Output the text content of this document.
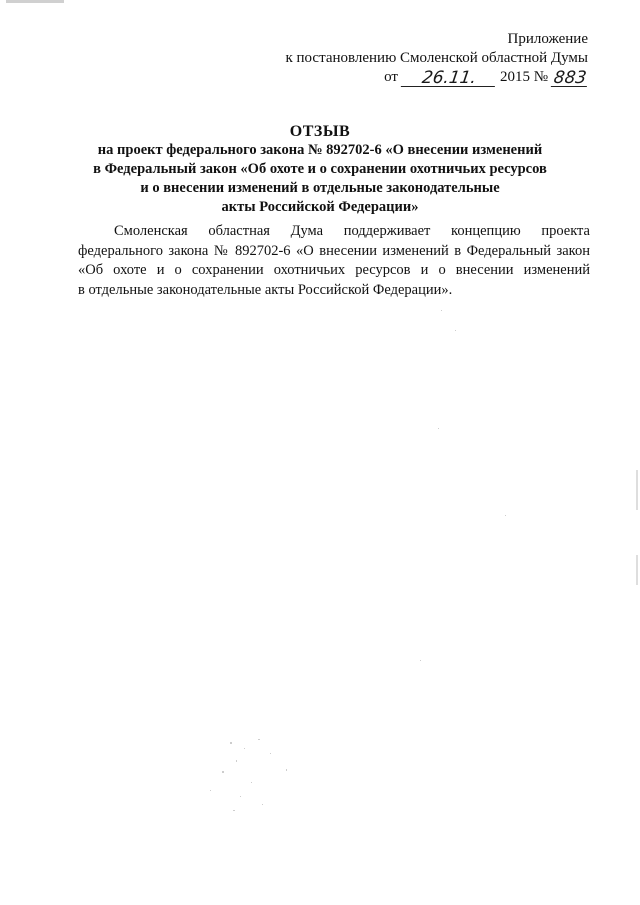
Приложение
к постановлению Смоленской областной Думы
от	26.11.	2015 № 883
ОТЗЫВ
на проект федерального закона № 892702-6 «О внесении изменений
в Федеральный закон «Об охоте и о сохранении охотничьих ресурсов
и о внесении изменений в отдельные законодательные
акты Российской Федерации»
Смоленская областная Дума поддерживает концепцию проекта
федерального закона № 892702-6 «О внесении изменений в Федеральный закон
«Об охоте и о сохранении охотничьих ресурсов и о внесении изменений
в отдельные законодательные акты Российской Федерации».
